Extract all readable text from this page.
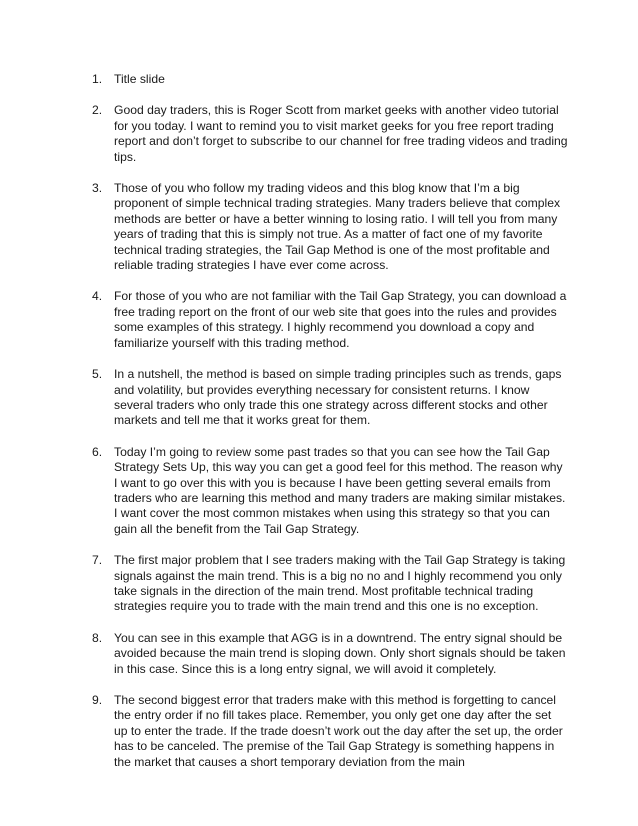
1. Title slide
2. Good day traders, this is Roger Scott from market geeks with another video tutorial for you today. I want to remind you to visit market geeks for you free report trading report and don’t forget to subscribe to our channel for free trading videos and trading tips.
3. Those of you who follow my trading videos and this blog know that I’m a big proponent of simple technical trading strategies. Many traders believe that complex methods are better or have a better winning to losing ratio. I will tell you from many years of trading that this is simply not true. As a matter of fact one of my favorite technical trading strategies, the Tail Gap Method is one of the most profitable and reliable trading strategies I have ever come across.
4. For those of you who are not familiar with the Tail Gap Strategy, you can download a free trading report on the front of our web site that goes into the rules and provides some examples of this strategy. I highly recommend you download a copy and familiarize yourself with this trading method.
5. In a nutshell, the method is based on simple trading principles such as trends, gaps and volatility, but provides everything necessary for consistent returns. I know several traders who only trade this one strategy across different stocks and other markets and tell me that it works great for them.
6. Today I’m going to review some past trades so that you can see how the Tail Gap Strategy Sets Up, this way you can get a good feel for this method. The reason why I want to go over this with you is because I have been getting several emails from traders who are learning this method and many traders are making similar mistakes. I want cover the most common mistakes when using this strategy so that you can gain all the benefit from the Tail Gap Strategy.
7. The first major problem that I see traders making with the Tail Gap Strategy is taking signals against the main trend. This is a big no no and I highly recommend you only take signals in the direction of the main trend. Most profitable technical trading strategies require you to trade with the main trend and this one is no exception.
8. You can see in this example that AGG is in a downtrend. The entry signal should be avoided because the main trend is sloping down. Only short signals should be taken in this case. Since this is a long entry signal, we will avoid it completely.
9. The second biggest error that traders make with this method is forgetting to cancel the entry order if no fill takes place. Remember, you only get one day after the set up to enter the trade. If the trade doesn’t work out the day after the set up, the order has to be canceled. The premise of the Tail Gap Strategy is something happens in the market that causes a short temporary deviation from the main
